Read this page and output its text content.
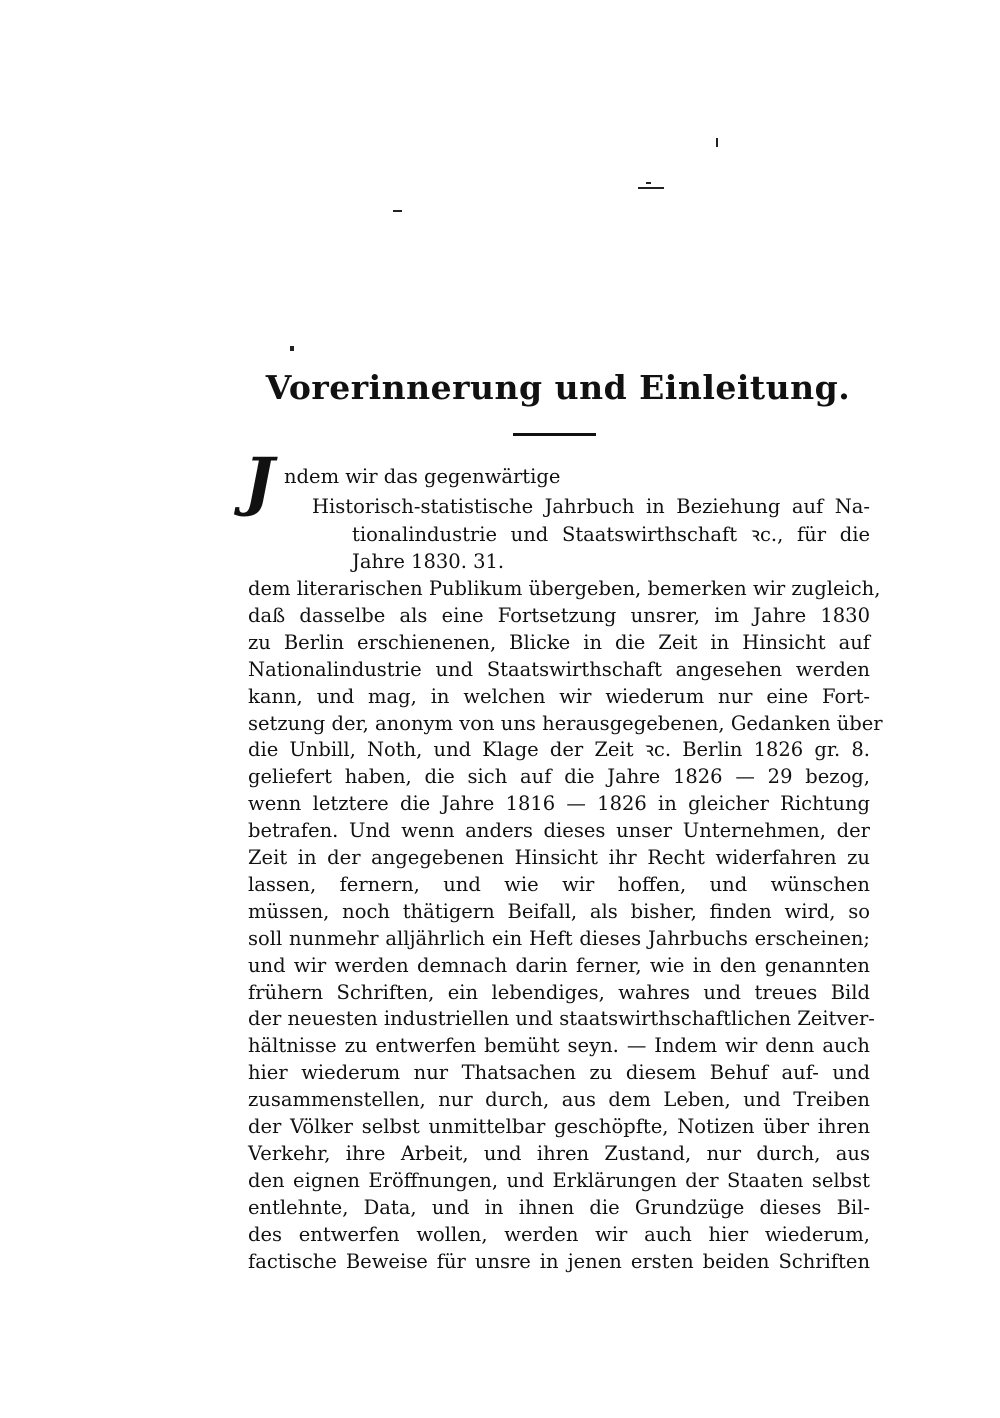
Vorerinnerung und Einleitung.
J ndem wir das gegenwärtige
Historisch-statistische Jahrbuch in Beziehung auf Na-
tionalindustrie und Staatswirthschaft ꝛc., für die
Jahre 1830. 31.
dem literarischen Publikum übergeben, bemerken wir zugleich,
daß dasselbe als eine Fortsetzung unsrer, im Jahre 1830
zu Berlin erschienenen, Blicke in die Zeit in Hinsicht auf
Nationalindustrie und Staatswirthschaft angesehen werden
kann, und mag, in welchen wir wiederum nur eine Fort-
setzung der, anonym von uns herausgegebenen, Gedanken über
die Unbill, Noth, und Klage der Zeit ꝛc. Berlin 1826 gr. 8.
geliefert haben, die sich auf die Jahre 1826 — 29 bezog,
wenn letztere die Jahre 1816 — 1826 in gleicher Richtung
betrafen. Und wenn anders dieses unser Unternehmen, der
Zeit in der angegebenen Hinsicht ihr Recht widerfahren zu
lassen, fernern, und wie wir hoffen, und wünschen
müssen, noch thätigern Beifall, als bisher, finden wird, so
soll nunmehr alljährlich ein Heft dieses Jahrbuchs erscheinen;
und wir werden demnach darin ferner, wie in den genannten
frühern Schriften, ein lebendiges, wahres und treues Bild
der neuesten industriellen und staatswirthschaftlichen Zeitver-
hältnisse zu entwerfen bemüht seyn. — Indem wir denn auch
hier wiederum nur Thatsachen zu diesem Behuf auf- und
zusammenstellen, nur durch, aus dem Leben, und Treiben
der Völker selbst unmittelbar geschöpfte, Notizen über ihren
Verkehr, ihre Arbeit, und ihren Zustand, nur durch, aus
den eignen Eröffnungen, und Erklärungen der Staaten selbst
entlehnte, Data, und in ihnen die Grundzüge dieses Bil-
des entwerfen wollen, werden wir auch hier wiederum,
factische Beweise für unsre in jenen ersten beiden Schriften
